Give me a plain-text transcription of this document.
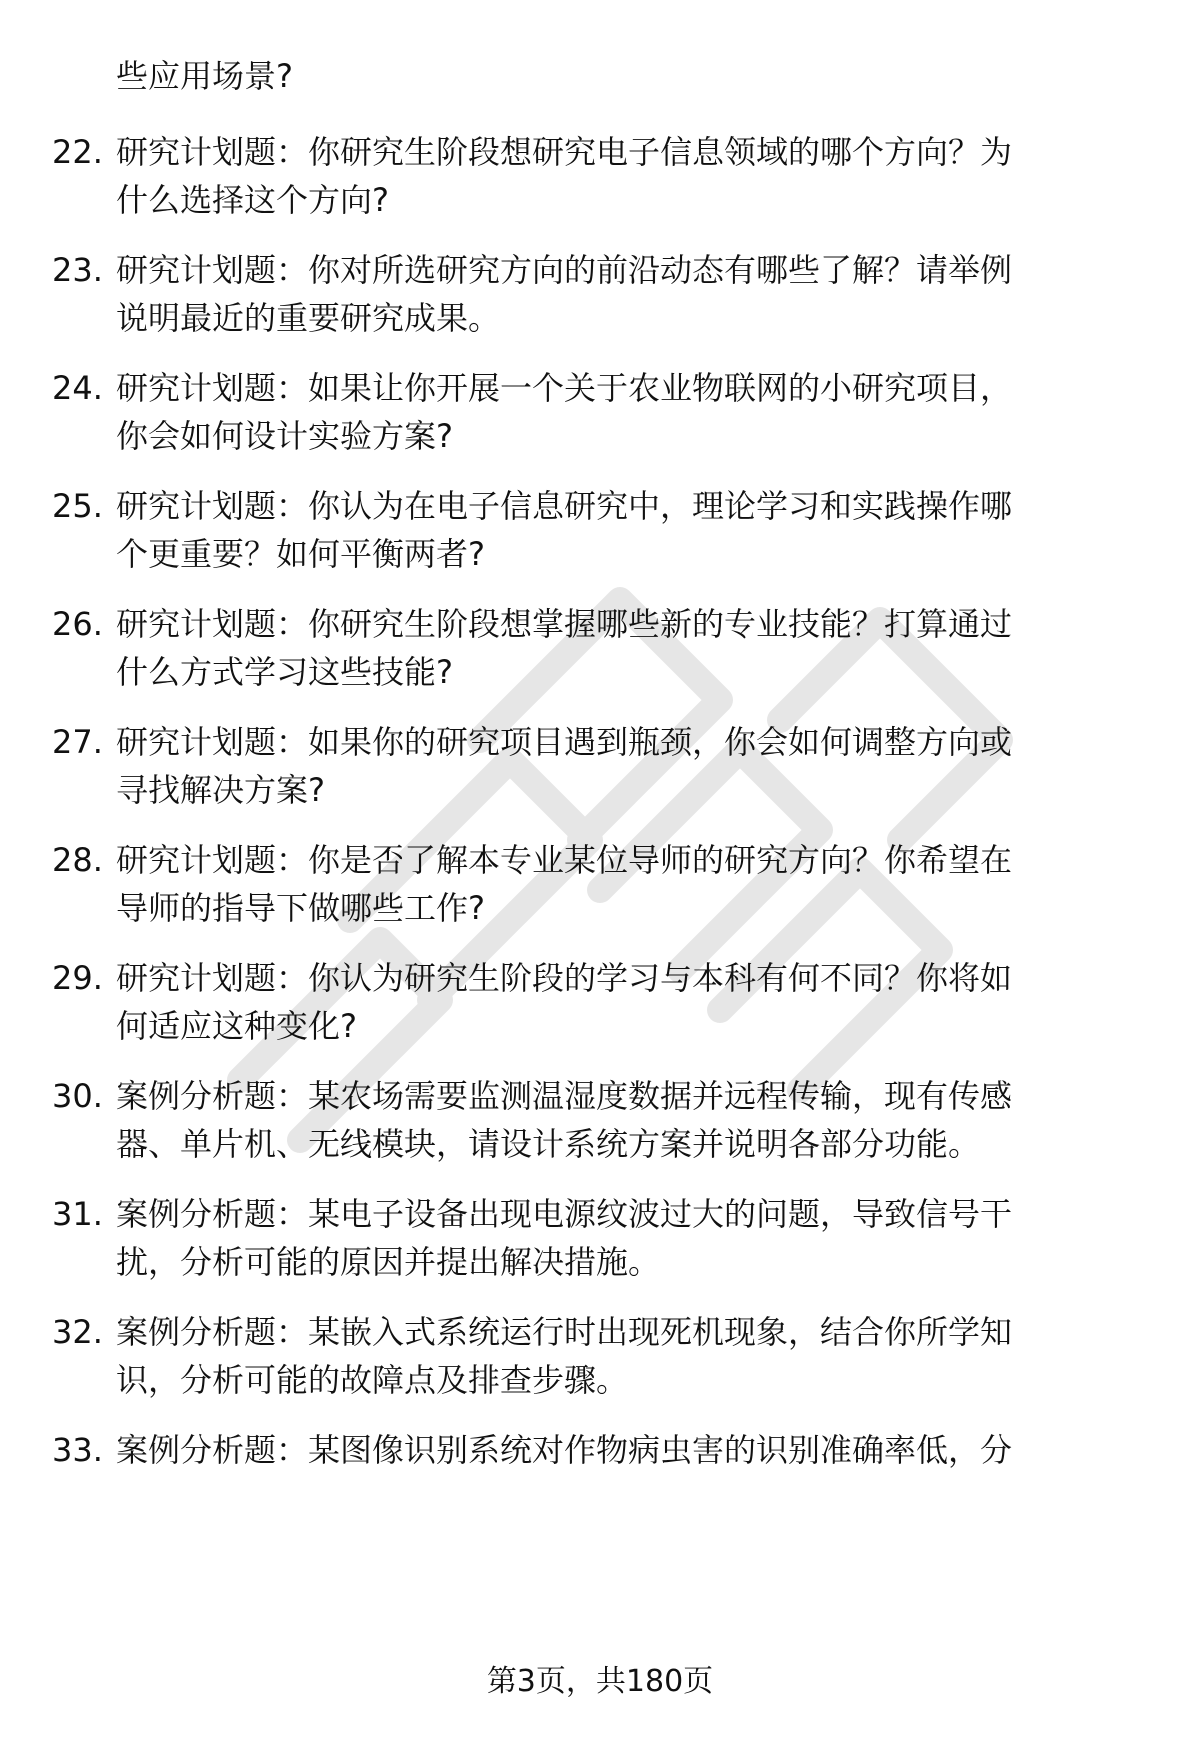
些应用场景?
22. 研究计划题：你研究生阶段想研究电子信息领域的哪个方向？为
什么选择这个方向?
23. 研究计划题：你对所选研究方向的前沿动态有哪些了解？请举例
说明最近的重要研究成果。
24. 研究计划题：如果让你开展一个关于农业物联网的小研究项目，
你会如何设计实验方案?
25. 研究计划题：你认为在电子信息研究中，理论学习和实践操作哪
个更重要？如何平衡两者?
26. 研究计划题：你研究生阶段想掌握哪些新的专业技能？打算通过
什么方式学习这些技能?
27. 研究计划题：如果你的研究项目遇到瓶颈，你会如何调整方向或
寻找解决方案?
28. 研究计划题：你是否了解本专业某位导师的研究方向？你希望在
导师的指导下做哪些工作?
29. 研究计划题：你认为研究生阶段的学习与本科有何不同？你将如
何适应这种变化?
30. 案例分析题：某农场需要监测温湿度数据并远程传输，现有传感
器、单片机、无线模块，请设计系统方案并说明各部分功能。
31. 案例分析题：某电子设备出现电源纹波过大的问题，导致信号干
扰，分析可能的原因并提出解决措施。
32. 案例分析题：某嵌入式系统运行时出现死机现象，结合你所学知
识，分析可能的故障点及排查步骤。
33. 案例分析题：某图像识别系统对作物病虫害的识别准确率低，分
第3页，共180页
